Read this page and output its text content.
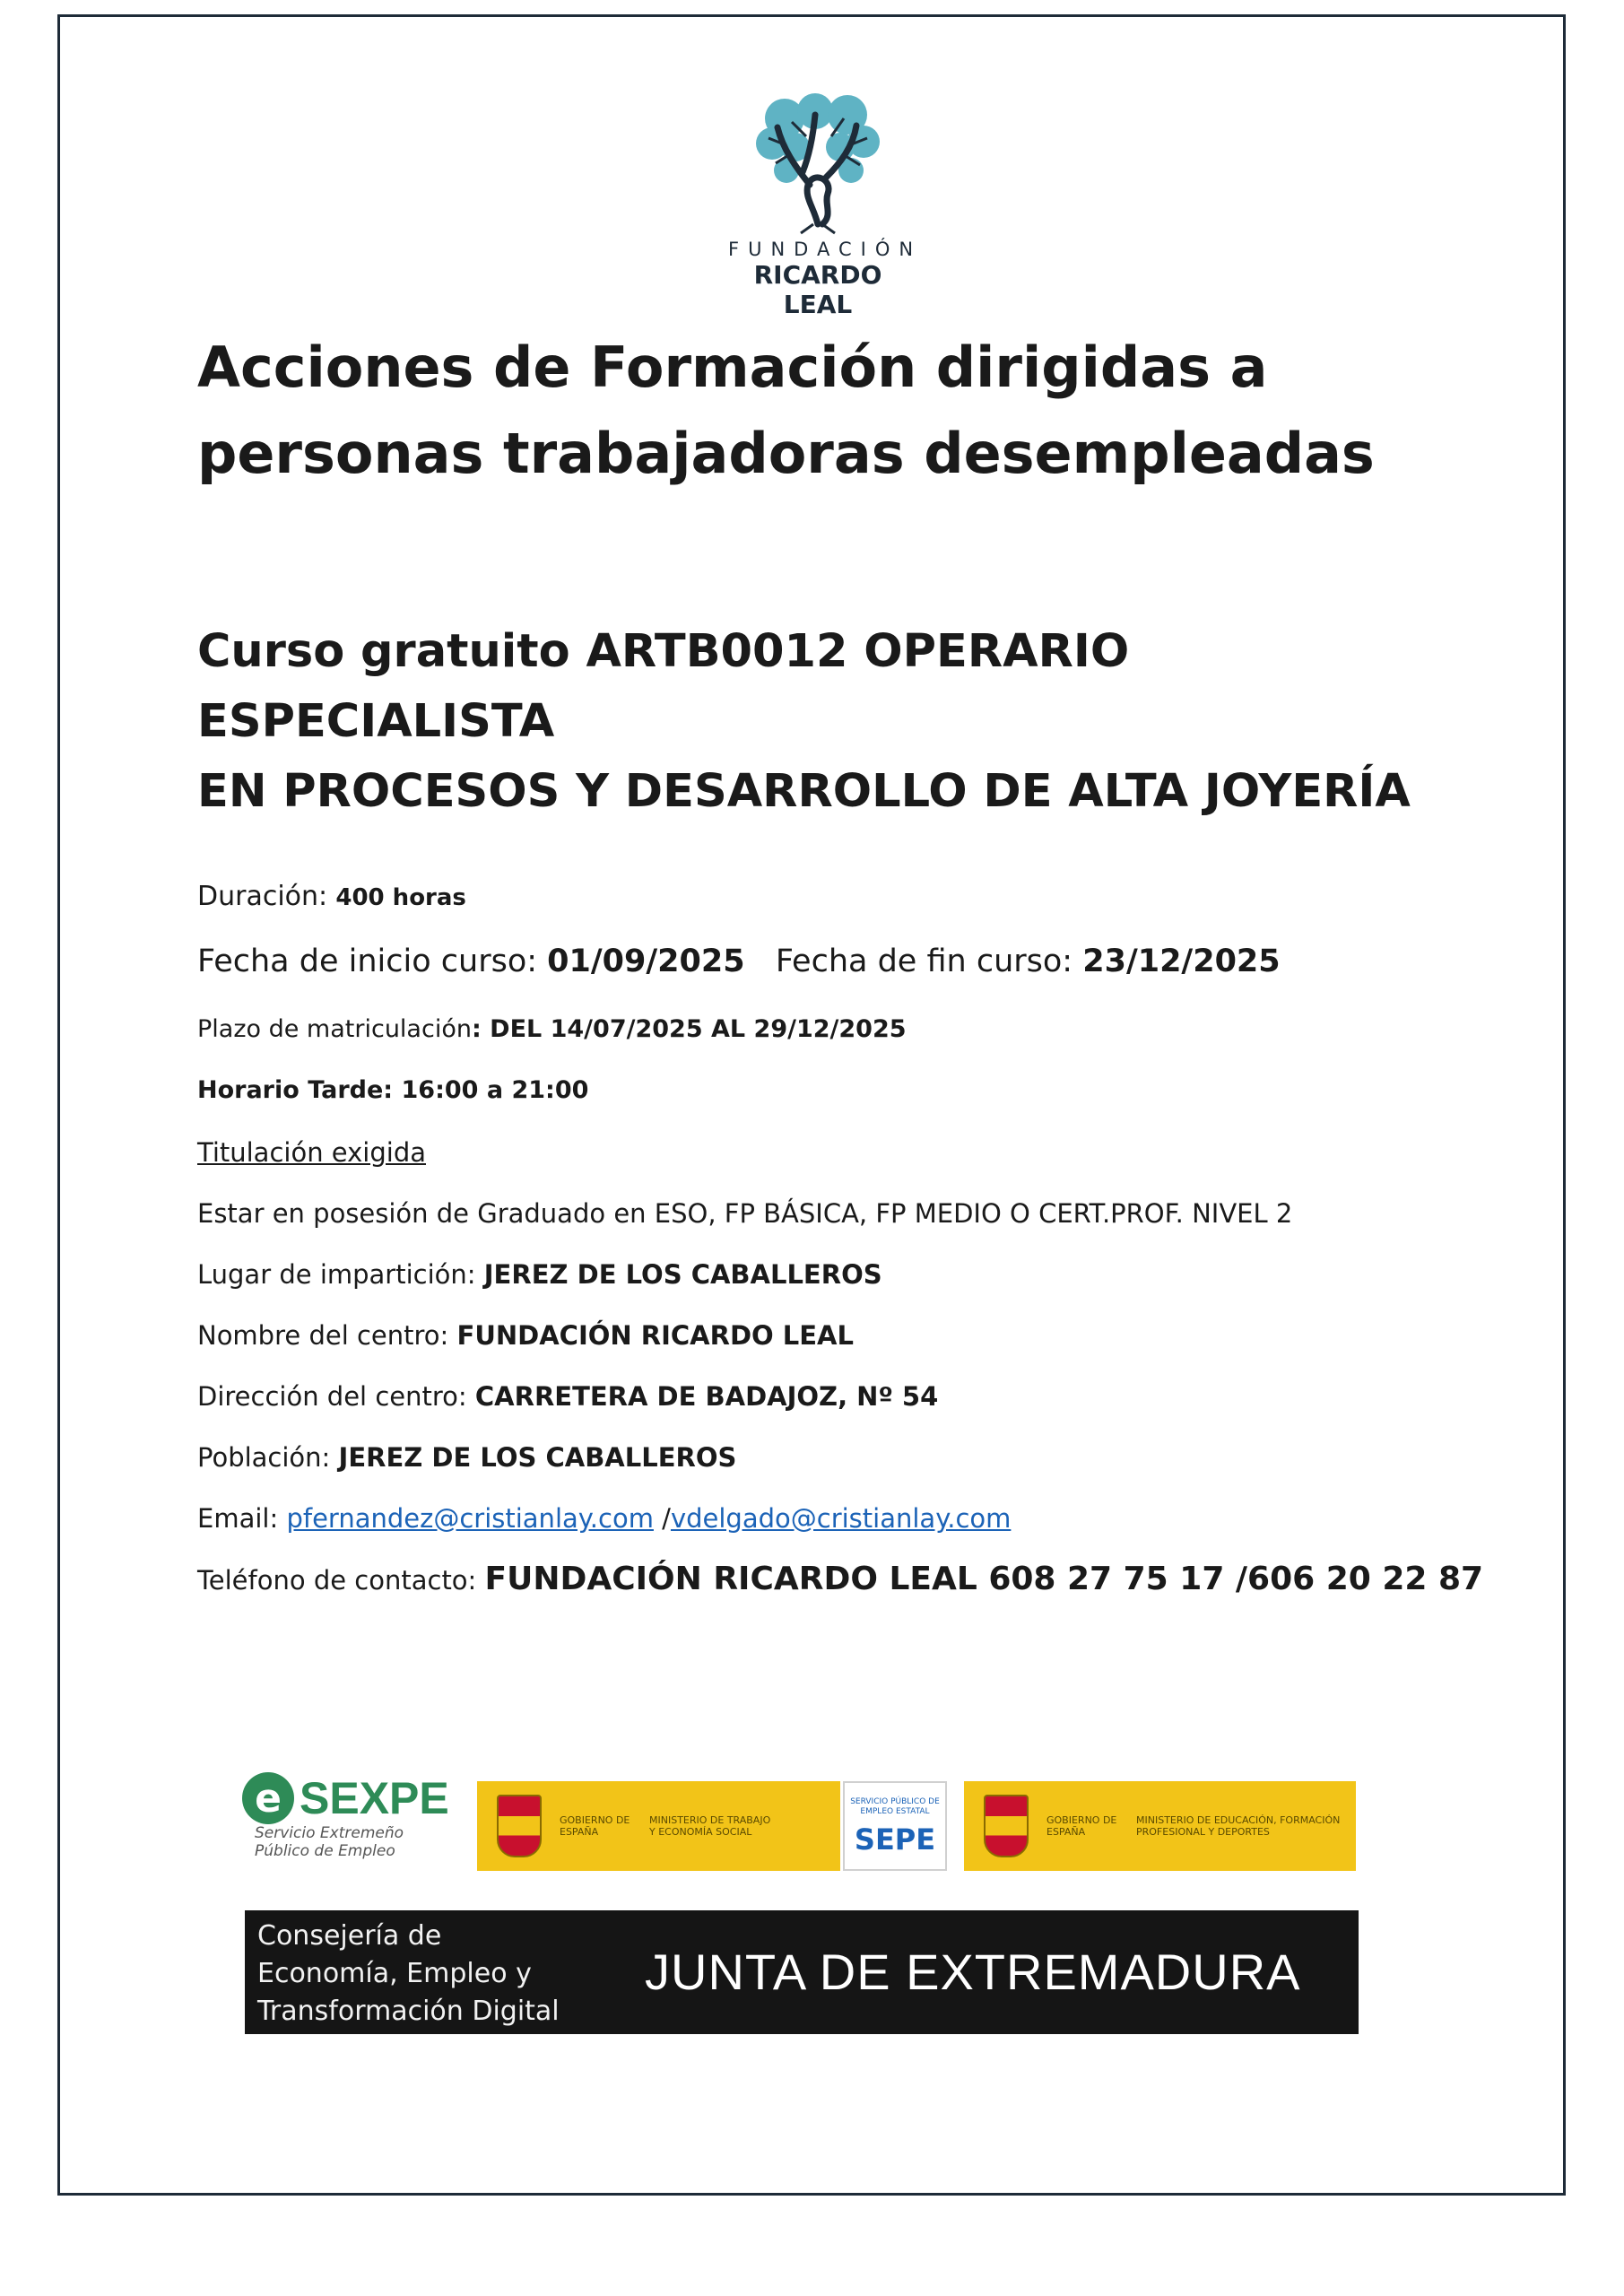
FUNDACIÓN
RICARDO LEAL
Acciones de Formación dirigidas a
personas trabajadoras desempleadas
Curso gratuito ARTB0012 OPERARIO ESPECIALISTA
EN PROCESOS Y DESARROLLO DE ALTA JOYERÍA
Duración: 400 horas
Fecha de inicio curso: 01/09/2025 Fecha de fin curso: 23/12/2025
Plazo de matriculación: DEL 14/07/2025 AL 29/12/2025
Horario Tarde: 16:00 a 21:00
Titulación exigida
Estar en posesión de Graduado en ESO, FP BÁSICA, FP MEDIO O CERT.PROF. NIVEL 2
Lugar de impartición: JEREZ DE LOS CABALLEROS
Nombre del centro: FUNDACIÓN RICARDO LEAL
Dirección del centro: CARRETERA DE BADAJOZ, Nº 54
Población: JEREZ DE LOS CABALLEROS
Email: pfernandez@cristianlay.com /vdelgado@cristianlay.com
Teléfono de contacto: FUNDACIÓN RICARDO LEAL 608 27 75 17 /606 20 22 87
e SEXPE
Servicio Extremeño
Público de Empleo
GOBIERNO DE ESPAÑA
MINISTERIO DE TRABAJO Y ECONOMÍA SOCIAL
SERVICIO PÚBLICO DE EMPLEO ESTATAL
SEPE
GOBIERNO DE ESPAÑA
MINISTERIO DE EDUCACIÓN, FORMACIÓN PROFESIONAL Y DEPORTES
Consejería de
Economía, Empleo y
Transformación Digital
JUNTA DE EXTREMADURA
